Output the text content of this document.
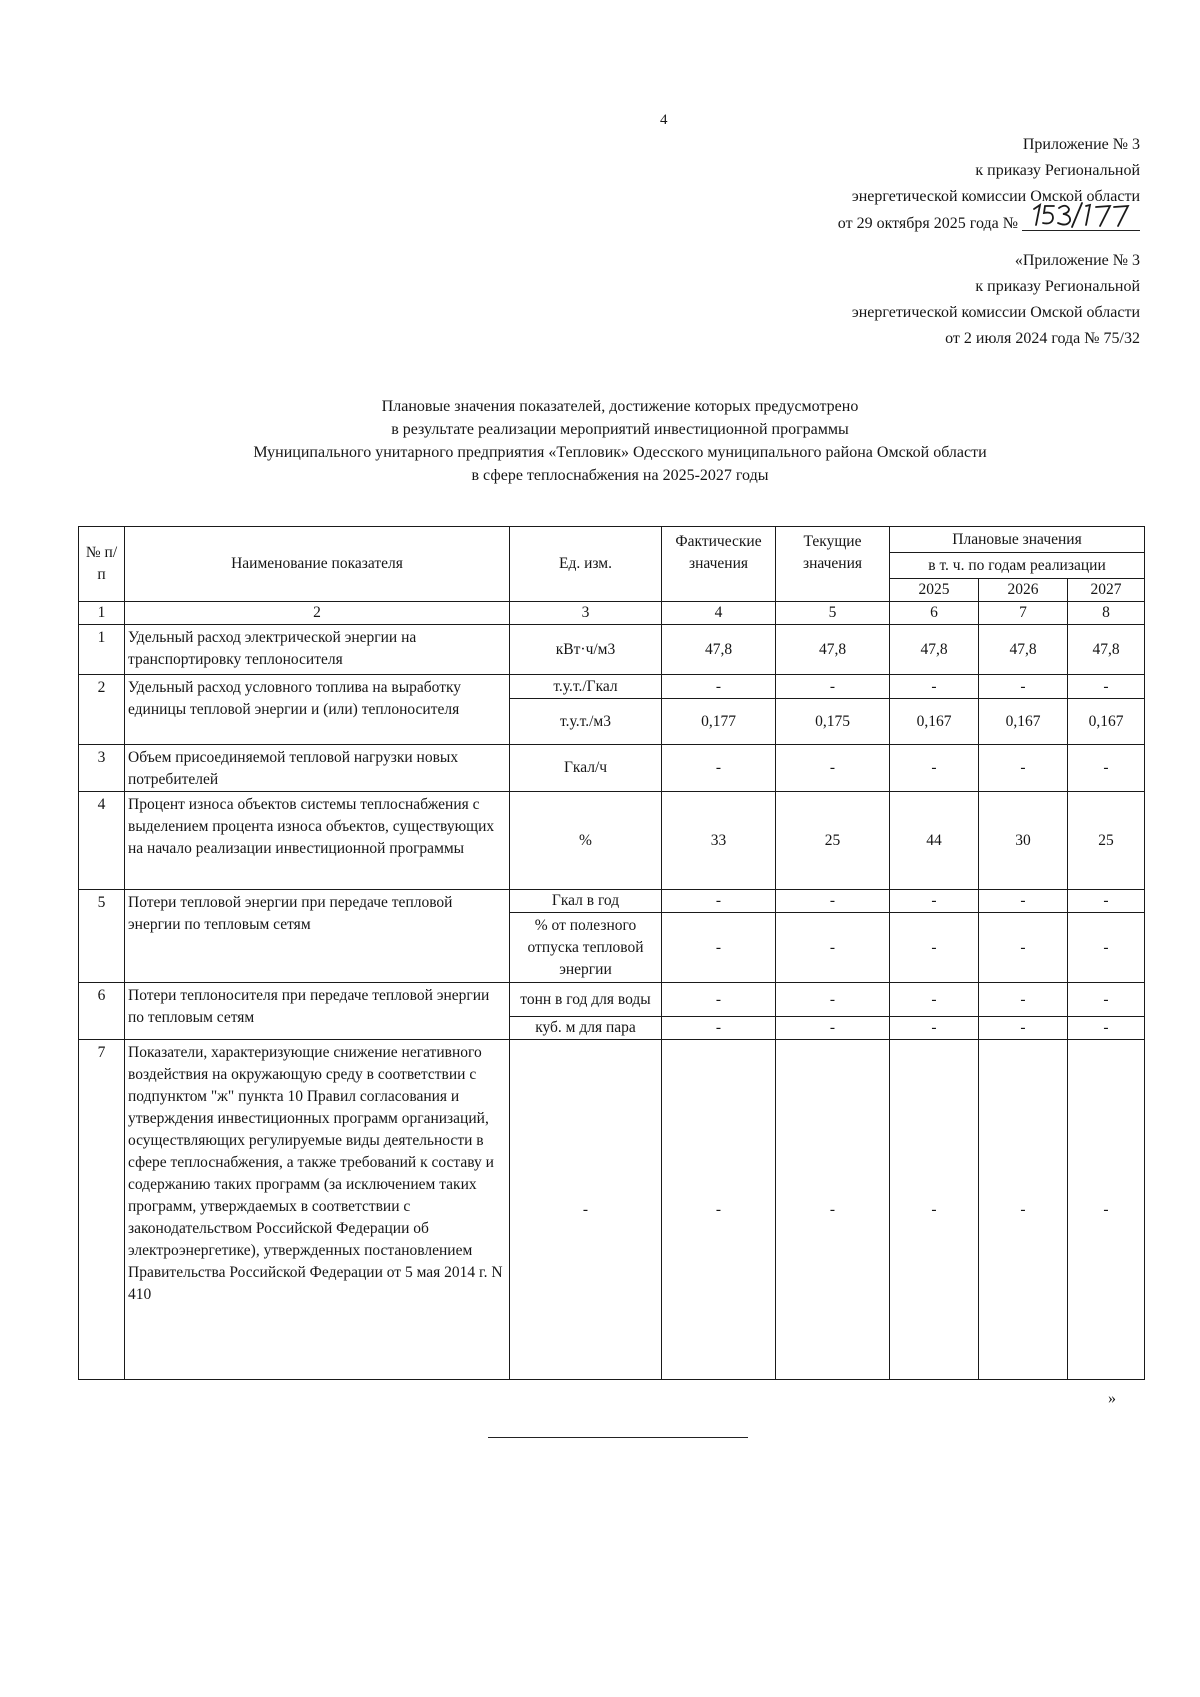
4
Приложение № 3
к приказу Региональной
энергетической комиссии Омской области
от 29 октября 2025 года №
«Приложение № 3
к приказу Региональной
энергетической комиссии Омской области
от 2 июля 2024 года № 75/32
Плановые значения показателей, достижение которых предусмотрено
в результате реализации мероприятий инвестиционной программы
Муниципального унитарного предприятия «Тепловик» Одесского муниципального района Омской области
в сфере теплоснабжения на 2025-2027 годы
№ п/п	Наименование показателя	Ед. изм.	Фактические значения	Текущие значения	Плановые значения		
					в т. ч. по годам реализации		
					2025	2026	2027
1	2	3	4	5	6	7	8
1	Удельный расход электрической энергии на транспортировку теплоносителя	кВт·ч/м3	47,8	47,8	47,8	47,8	47,8
2	Удельный расход условного топлива на выработку единицы тепловой энергии и (или) теплоносителя	т.у.т./Гкал	-	-	-	-	-
		т.у.т./м3	0,177	0,175	0,167	0,167	0,167
3	Объем присоединяемой тепловой нагрузки новых потребителей	Гкал/ч	-	-	-	-	-
4	Процент износа объектов системы теплоснабжения с выделением процента износа объектов, существующих на начало реализации инвестиционной программы	%	33	25	44	30	25
5	Потери тепловой энергии при передаче тепловой энергии по тепловым сетям	Гкал в год	-	-	-	-	-
		% от полезного отпуска тепловой энергии	-	-	-	-	-
6	Потери теплоносителя при передаче тепловой энергии по тепловым сетям	тонн в год для воды	-	-	-	-	-
		куб. м для пара	-	-	-	-	-
7	Показатели, характеризующие снижение негативного воздействия на окружающую среду в соответствии с подпунктом "ж" пункта 10 Правил согласования и утверждения инвестиционных программ организаций, осуществляющих регулируемые виды деятельности в сфере теплоснабжения, а также требований к составу и содержанию таких программ (за исключением таких программ, утверждаемых в соответствии с законодательством Российской Федерации об электроэнергетике), утвержденных постановлением Правительства Российской Федерации от 5 мая 2014 г. N 410	-	-	-	-	-	-
»
